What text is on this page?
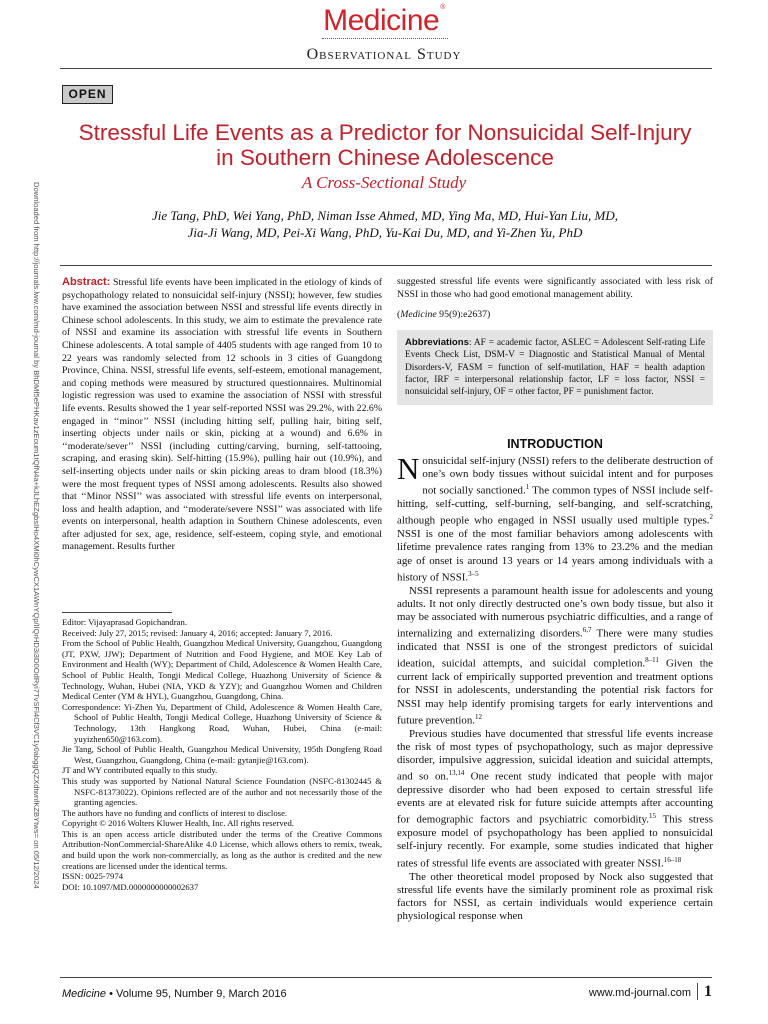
Medicine®
Observational Study
OPEN
Stressful Life Events as a Predictor for Nonsuicidal Self-Injury
in Southern Chinese Adolescence
A Cross-Sectional Study
Jie Tang, PhD, Wei Yang, PhD, Niman Isse Ahmed, MD, Ying Ma, MD, Hui-Yan Liu, MD,
Jia-Ji Wang, MD, Pei-Xi Wang, PhD, Yu-Kai Du, MD, and Yi-Zhen Yu, PhD
Downloaded from http://journals.lww.com/md-journal by BhDMf5ePHKav1zEoum1tQfN4a+kJLhEZgbsIHo4XMi0hCywCX1AWnYQp/IlQrHD3i3D0OdRyi7TvSFl4Cf3VC1y0abggQZXdtwnfKZBYtws= on 05/12/2024 Abstract: Stressful life events have been implicated in the etiology of kinds of psychopathology related to nonsuicidal self-injury (NSSI); however, few studies have examined the association between NSSI and stressful life events directly in Chinese school adolescents. In this study, we aim to estimate the prevalence rate of NSSI and examine its association with stressful life events in Southern Chinese adolescents. A total sample of 4405 students with age ranged from 10 to 22 years was randomly selected from 12 schools in 3 cities of Guangdong Province, China. NSSI, stressful life events, self-esteem, emotional management, and coping methods were measured by structured questionnaires. Multinomial logistic regression was used to examine the association of NSSI with stressful life events. Results showed the 1 year self-reported NSSI was 29.2%, with 22.6% engaged in ‘‘minor’’ NSSI (including hitting self, pulling hair, biting self, inserting objects under nails or skin, picking at a wound) and 6.6% in ‘‘moderate/sever’’ NSSI (including cutting/carving, burning, self-tattooing, scraping, and erasing skin). Self-hitting (15.9%), pulling hair out (10.9%), and self-inserting objects under nails or skin picking areas to dram blood (18.3%) were the most frequent types of NSSI among adolescents. Results also showed that ‘‘Minor NSSI’’ was associated with stressful life events on interpersonal, loss and health adaption, and ‘‘moderate/severe NSSI’’ was associated with life events on interpersonal, health adaption in Southern Chinese adolescents, even after adjusted for sex, age, residence, self-esteem, coping style, and emotional management. Results further

Editor: Vijayaprasad Gopichandran.

Received: July 27, 2015; revised: January 4, 2016; accepted: January 7, 2016.

From the School of Public Health, Guangzhou Medical University, Guangzhou, Guangdong (JT, PXW, JJW); Department of Nutrition and Food Hygiene, and MOE Key Lab of Environment and Health (WY); Department of Child, Adolescence & Women Health Care, School of Public Health, Tongji Medical College, Huazhong University of Science & Technology, Wuhan, Hubei (NIA, YKD & YZY); and Guangzhou Women and Children Medical Center (YM & HYL), Guangzhou, Guangdong, China.

Correspondence: Yi-Zhen Yu, Department of Child, Adolescence & Women Health Care, School of Public Health, Tongji Medical College, Huazhong University of Science & Technology, 13th Hangkong Road, Wuhan, Hubei, China (e-mail: yuyizhen650@163.com).

Jie Tang, School of Public Health, Guangzhou Medical University, 195th Dongfeng Road West, Guangzhou, Guangdong, China (e-mail: gytanjie@163.com).

JT and WY contributed equally to this study.

This study was supported by National Natural Science Foundation (NSFC-81302445 & NSFC-81373022). Opinions reflected are of the author and not necessarily those of the granting agencies.

The authors have no funding and conflicts of interest to disclose.

Copyright © 2016 Wolters Kluwer Health, Inc. All rights reserved.

This is an open access article distributed under the terms of the Creative Commons Attribution-NonCommercial-ShareAlike 4.0 License, which allows others to remix, tweak, and build upon the work non-commercially, as long as the author is credited and the new creations are licensed under the identical terms.

ISSN: 0025-7974

DOI: 10.1097/MD.0000000000002637

suggested stressful life events were significantly associated with less risk of NSSI in those who had good emotional management ability.
(Medicine 95(9):e2637)
Abbreviations: AF = academic factor, ASLEC = Adolescent Self-rating Life Events Check List, DSM-V = Diagnostic and Statistical Manual of Mental Disorders-V, FASM = function of self-mutilation, HAF = health adaption factor, IRF = interpersonal relationship factor, LF = loss factor, NSSI = nonsuicidal self-injury, OF = other factor, PF = punishment factor.
INTRODUCTION

Nonsuicidal self-injury (NSSI) refers to the deliberate destruction of one’s own body tissues without suicidal intent and for purposes not socially sanctioned.$^1$ The common types of NSSI include self-hitting, self-cutting, self-burning, self-banging, and self-scratching, although people who engaged in NSSI usually used multiple types.$^2$ NSSI is one of the most familiar behaviors among adolescents with lifetime prevalence rates ranging from 13% to 23.2% and the median age of onset is around 13 years or 14 years among individuals with a history of NSSI.$^{3-5}$

NSSI represents a paramount health issue for adolescents and young adults. It not only directly destructed one’s own body tissue, but also it may be associated with numerous psychiatric difficulties, and a range of internalizing and externalizing disorders.$^{6,7}$ There were many studies indicated that NSSI is one of the strongest predictors of suicidal ideation, suicidal attempts, and suicidal completion.$^{8-11}$ Given the current lack of empirically supported prevention and treatment options for NSSI in adolescents, understanding the potential risk factors for NSSI may help identify promising targets for early interventions and future prevention.$^{12}$

Previous studies have documented that stressful life events increase the risk of most types of psychopathology, such as major depressive disorder, impulsive aggression, suicidal ideation and suicidal attempts, and so on.$^{13,14}$ One recent study indicated that people with major depressive disorder who had been exposed to certain stressful life events are at elevated risk for future suicide attempts after accounting for demographic factors and psychiatric comorbidity.$^{15}$ This stress exposure model of psychopathology has been applied to nonsuicidal self-injury recently. For example, some studies indicated that higher rates of stressful life events are associated with greater NSSI.$^{16-18}$

The other theoretical model proposed by Nock also suggested that stressful life events have the similarly prominent role as proximal risk factors for NSSI, as certain individuals would experience certain physiological response when

Medicine • Volume 95, Number 9, March 2016	www.md-journal.com 1
